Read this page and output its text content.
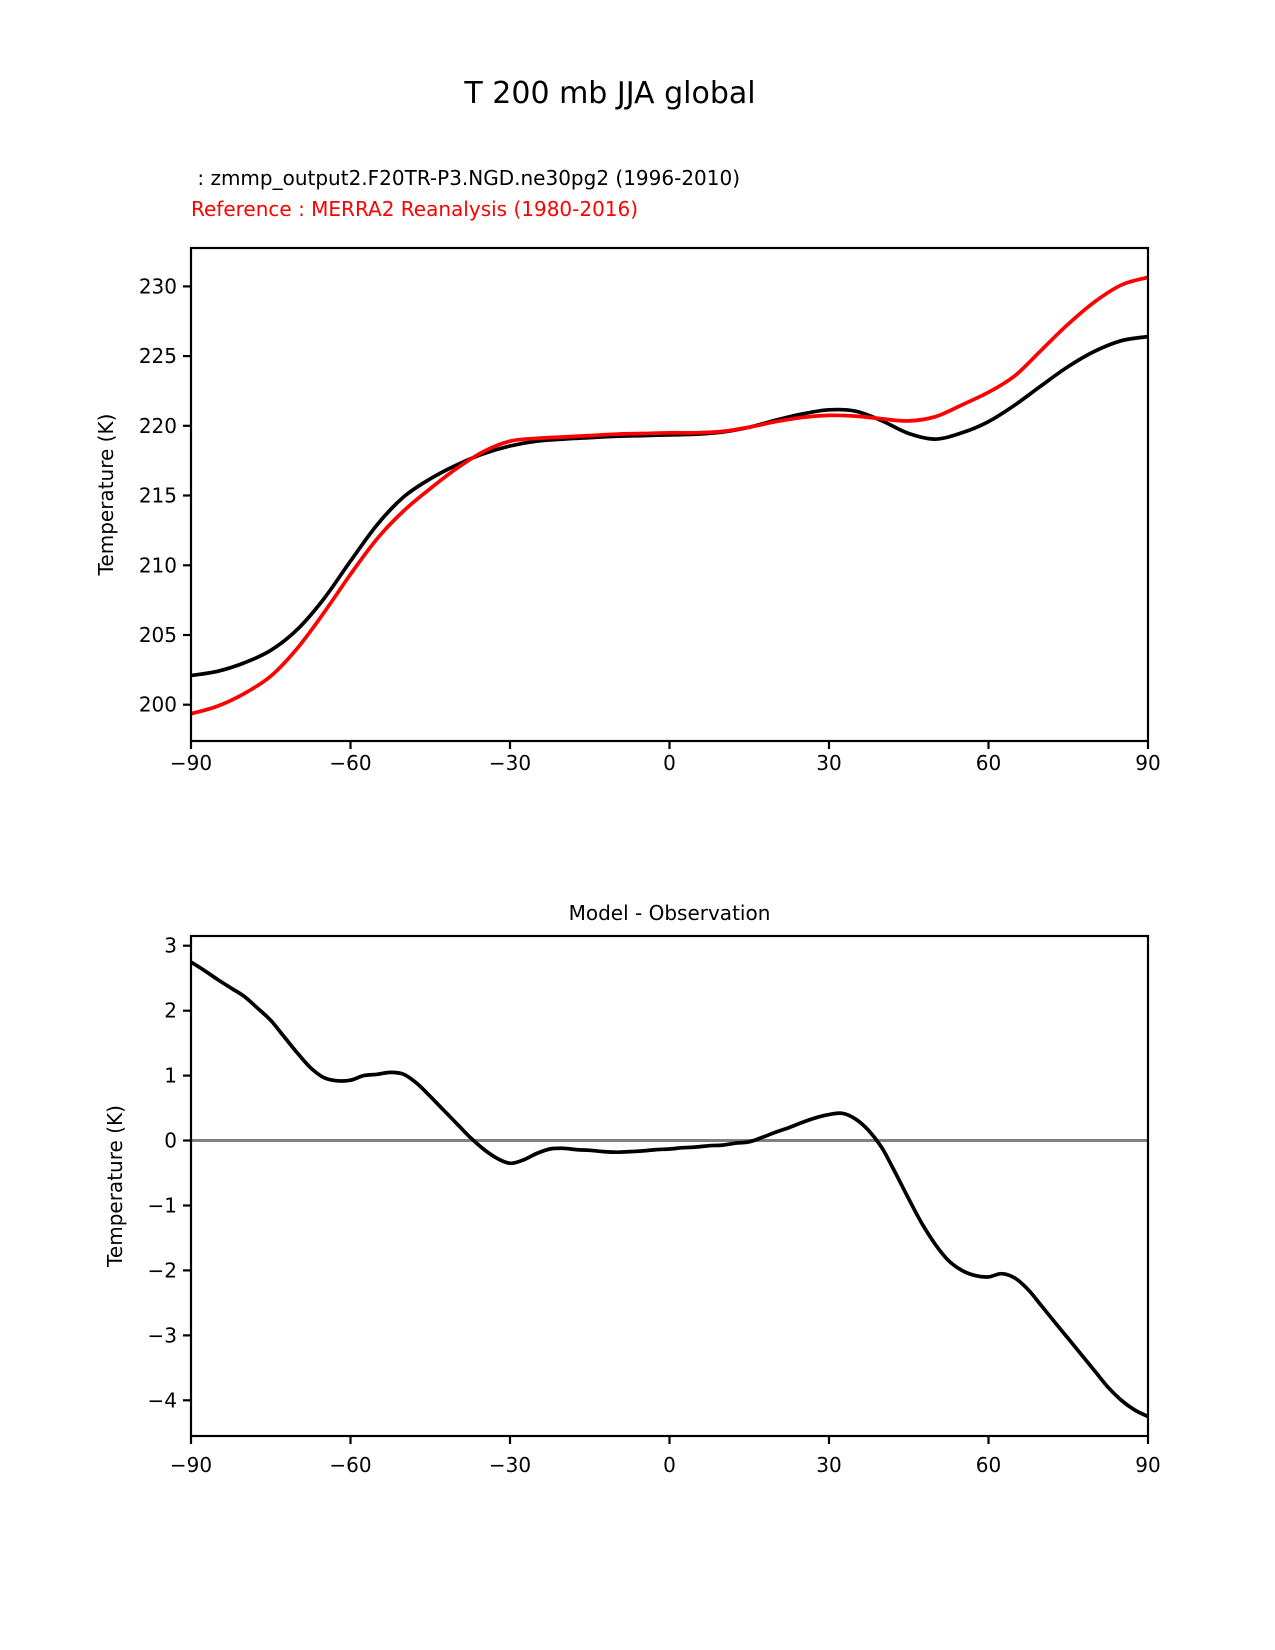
T 200 mb JJA global
: zmmp_output2.F20TR-P3.NGD.ne30pg2 (1996-2010)
Reference : MERRA2 Reanalysis (1980-2016)
−90	−60	−30	0	30	60	90
200
205
210
215
220
225
230
Temperature (K)
−90	−60	−30	0	30	60	90
3
2
1
0
−1
−2
−3
−4
Temperature (K)
Model - Observation
